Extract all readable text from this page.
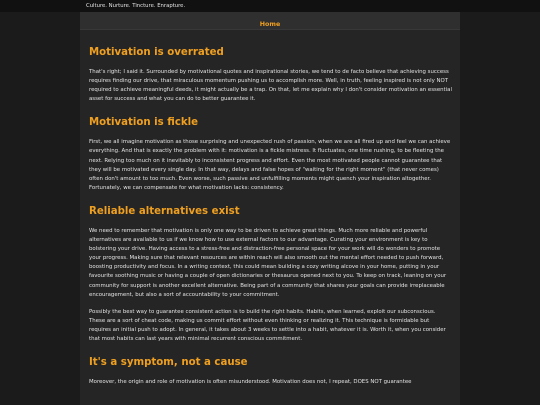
Culture. Nurture. Tincture. Enrapture.
Home
Motivation is overrated

That's right; I said it. Surrounded by motivational quotes and inspirational stories, we tend to de facto believe that achieving success requires finding our drive, that miraculous momentum pushing us to accomplish more. Well, in truth, feeling inspired is not only NOT required to achieve meaningful deeds, it might actually be a trap. On that, let me explain why I don't consider motivation an essential asset for success and what you can do to better guarantee it.

Motivation is fickle

First, we all imagine motivation as those surprising and unexpected rush of passion, when we are all fired up and feel we can achieve everything. And that is exactly the problem with it: motivation is a fickle mistress. It fluctuates, one time rushing, to be fleeting the next. Relying too much on it inevitably to inconsistent progress and effort. Even the most motivated people cannot guarantee that they will be motivated every single day. In that way, delays and false hopes of "waiting for the right moment" (that never comes) often don't amount to too much. Even worse, such passive and unfulfilling moments might quench your inspiration altogether. Fortunately, we can compensate for what motivation lacks: consistency.

Reliable alternatives exist

We need to remember that motivation is only one way to be driven to achieve great things. Much more reliable and powerful alternatives are available to us if we know how to use external factors to our advantage. Curating your environment is key to bolstering your drive. Having access to a stress-free and distraction-free personal space for your work will do wonders to promote your progress. Making sure that relevant resources are within reach will also smooth out the mental effort needed to push forward, boosting productivity and focus. In a writing context, this could mean building a cozy writing alcove in your home, putting in your favourite soothing music or having a couple of open dictionaries or thesaurus opened next to you. To keep on track, leaning on your community for support is another excellent alternative. Being part of a community that shares your goals can provide irreplaceable encouragement, but also a sort of accountability to your commitment.

Possibly the best way to guarantee consistent action is to build the right habits. Habits, when learned, exploit our subconscious. These are a sort of cheat code, making us commit effort without even thinking or realizing it. This technique is formidable but requires an initial push to adopt. In general, it takes about 3 weeks to settle into a habit, whatever it is. Worth it, when you consider that most habits can last years with minimal recurrent conscious commitment.

It's a symptom, not a cause

Moreover, the origin and role of motivation is often misunderstood. Motivation does not, I repeat, DOES NOT guarantee
